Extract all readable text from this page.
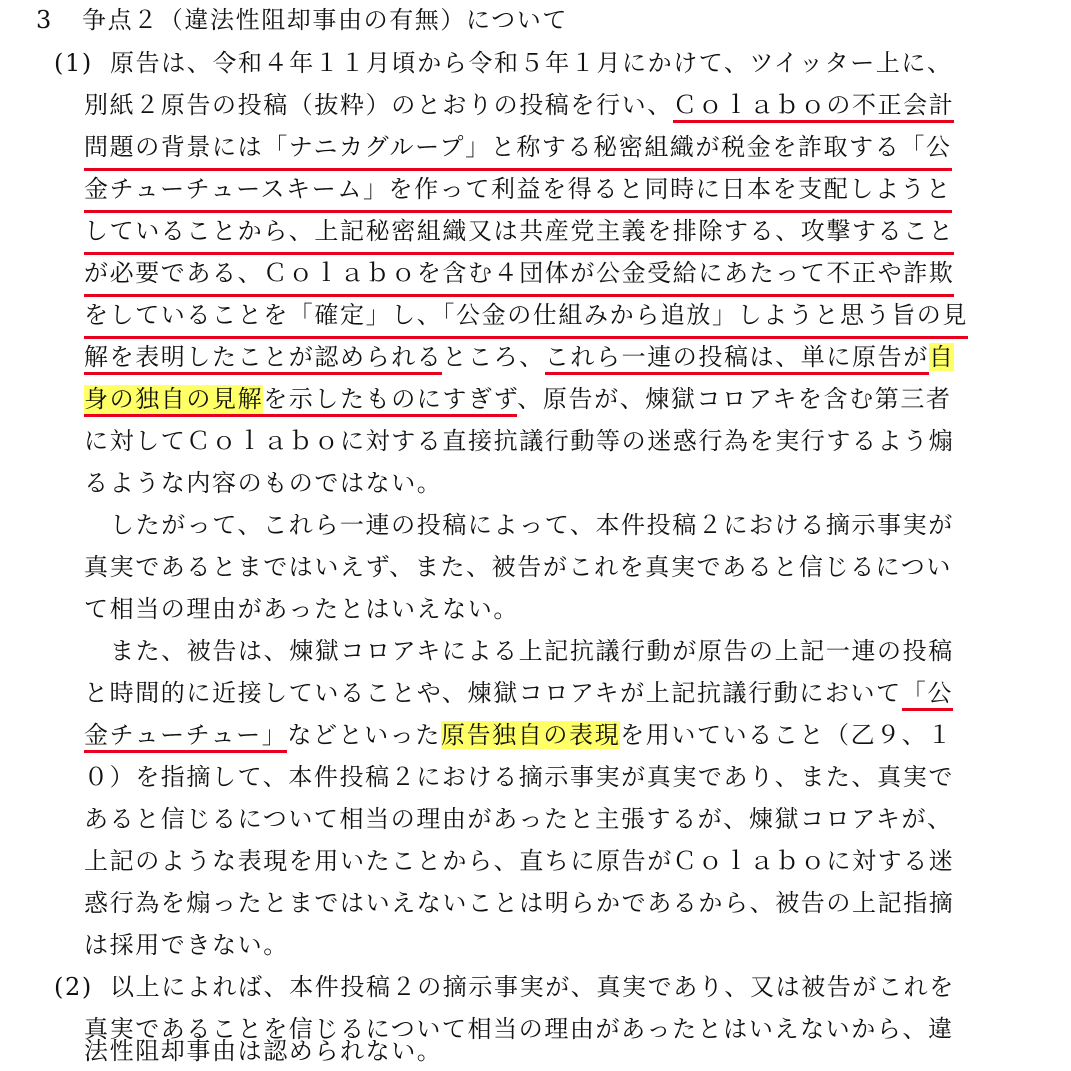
3 争点２（違法性阻却事由の有無）について
(1) 原告は、令和４年１１月頃から令和５年１月にかけて、ツイッター上に、
別紙２原告の投稿（抜粋）のとおりの投稿を行い、Ｃｏｌａｂｏの不正会計
問題の背景には「ナニカグループ」と称する秘密組織が税金を詐取する「公
金チューチュースキーム」を作って利益を得ると同時に日本を支配しようと
していることから、上記秘密組織又は共産党主義を排除する、攻撃すること
が必要である、Ｃｏｌａｂｏを含む４団体が公金受給にあたって不正や詐欺
をしていることを「確定」し、「公金の仕組みから追放」しようと思う旨の見
解を表明したことが認められるところ、これら一連の投稿は、単に原告が自
身の独自の見解を示したものにすぎず、原告が、煉獄コロアキを含む第三者
に対してＣｏｌａｂｏに対する直接抗議行動等の迷惑行為を実行するよう煽
るような内容のものではない。
したがって、これら一連の投稿によって、本件投稿２における摘示事実が
真実であるとまではいえず、また、被告がこれを真実であると信じるについ
て相当の理由があったとはいえない。
また、被告は、煉獄コロアキによる上記抗議行動が原告の上記一連の投稿
と時間的に近接していることや、煉獄コロアキが上記抗議行動において「公
金チューチュー」などといった原告独自の表現を用いていること（乙９、１
０）を指摘して、本件投稿２における摘示事実が真実であり、また、真実で
あると信じるについて相当の理由があったと主張するが、煉獄コロアキが、
上記のような表現を用いたことから、直ちに原告がＣｏｌａｂｏに対する迷
惑行為を煽ったとまではいえないことは明らかであるから、被告の上記指摘
は採用できない。
(2) 以上によれば、本件投稿２の摘示事実が、真実であり、又は被告がこれを
真実であることを信じるについて相当の理由があったとはいえないから、違
法性阻却事由は認められない。
